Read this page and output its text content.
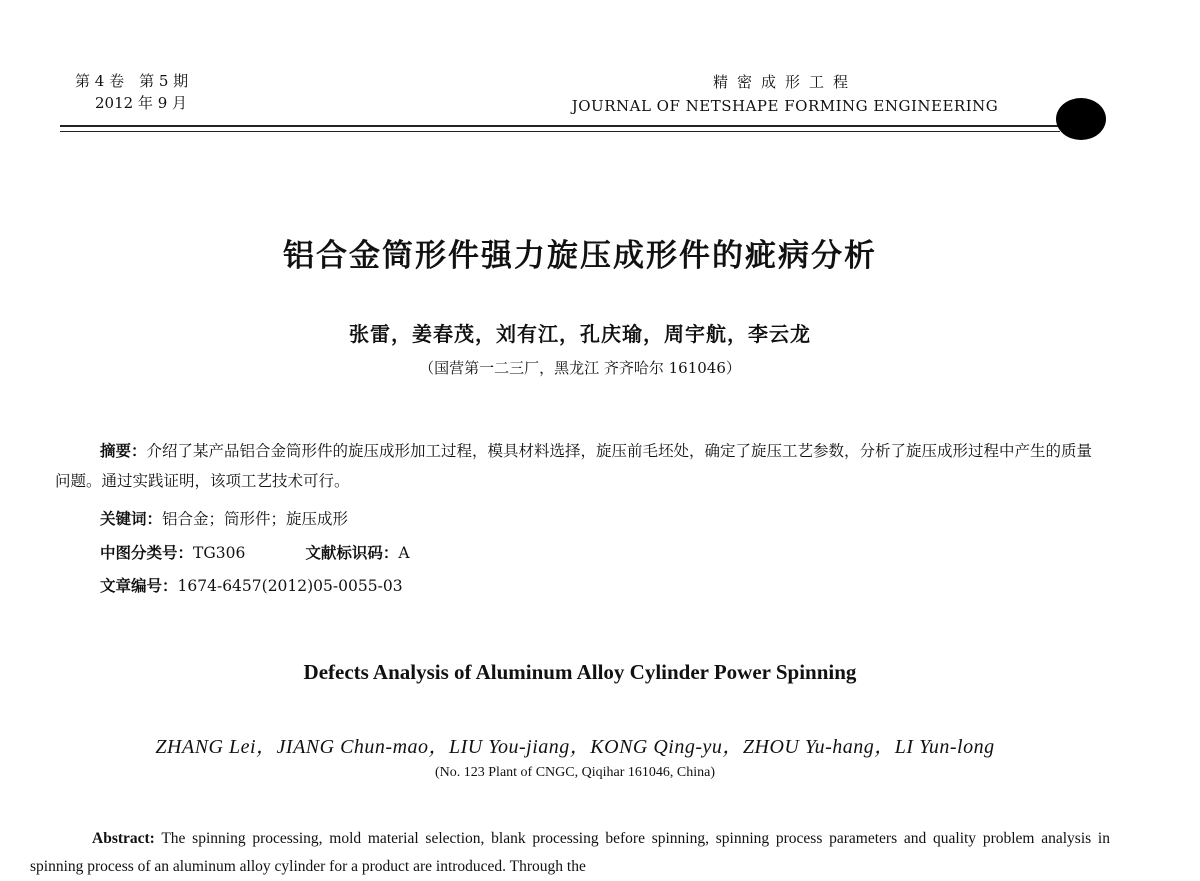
第 4 卷　第 5 期
2012 年 9 月
精密成形工程
JOURNAL OF NETSHAPE FORMING ENGINEERING
铝合金筒形件强力旋压成形件的疵病分析
张雷，姜春茂，刘有江，孔庆瑜，周宇航，李云龙
（国营第一二三厂，黑龙江 齐齐哈尔 161046）

摘要：介绍了某产品铝合金筒形件的旋压成形加工过程，模具材料选择，旋压前毛坯处，确定了旋压工艺参数，分析了旋压成形过程中产生的质量问题。通过实践证明，该项工艺技术可行。

关键词：铝合金；筒形件；旋压成形
中图分类号：TG306	文献标识码：A
文章编号：1674-6457(2012)05-0055-03
Defects Analysis of Aluminum Alloy Cylinder Power Spinning
ZHANG Lei，JIANG Chun-mao，LIU You-jiang，KONG Qing-yu，ZHOU Yu-hang，LI Yun-long
(No. 123 Plant of CNGC, Qiqihar 161046, China)

Abstract: The spinning processing, mold material selection, blank processing before spinning, spinning process parameters and quality problem analysis in spinning process of an aluminum alloy cylinder for a product are introduced. Through the
